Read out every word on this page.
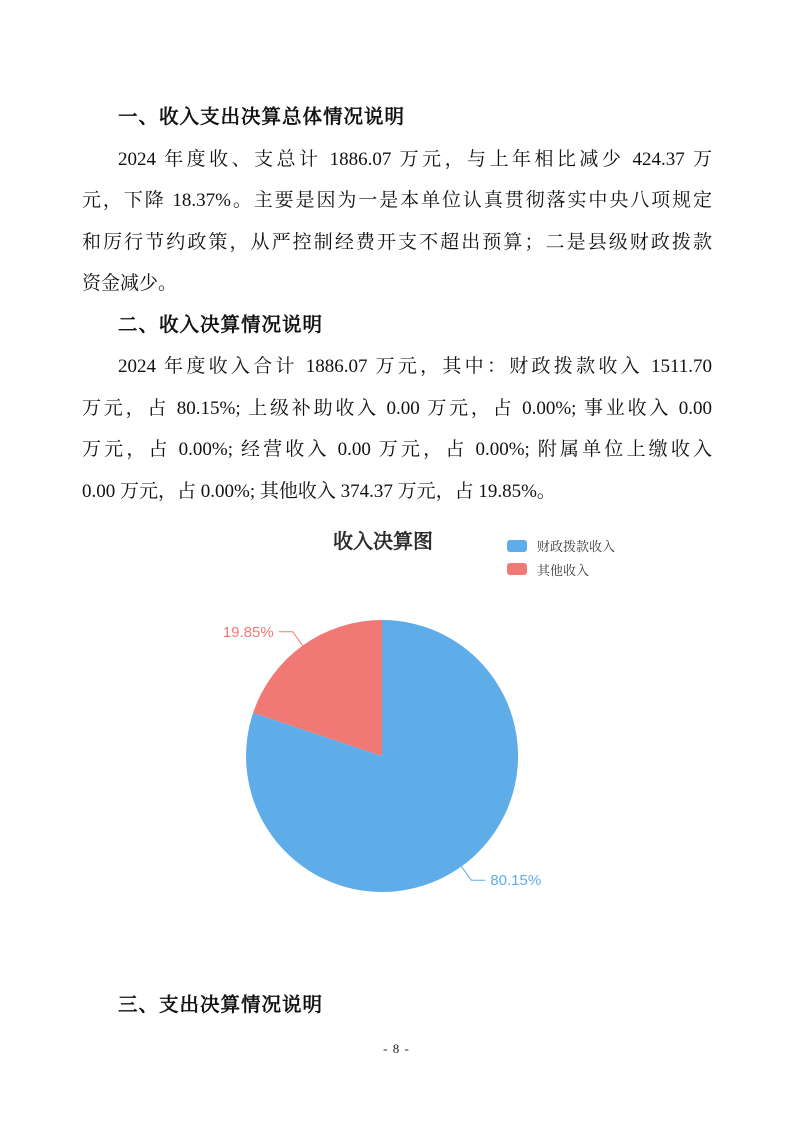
一、收入支出决算总体情况说明
2024 年度收、支总计 1886.07 万元，与上年相比减少 424.37 万
元，下降 18.37%。主要是因为一是本单位认真贯彻落实中央八项规定
和厉行节约政策，从严控制经费开支不超出预算；二是县级财政拨款
资金减少。
二、收入决算情况说明
2024 年度收入合计 1886.07 万元，其中：财政拨款收入 1511.70
万元，占 80.15%; 上级补助收入 0.00 万元，占 0.00%; 事业收入 0.00
万元，占 0.00%; 经营收入 0.00 万元，占 0.00%; 附属单位上缴收入
0.00 万元，占 0.00%; 其他收入 374.37 万元，占 19.85%。
收入决算图	财政拨款收入
其他收入
80.15%
19.85%
三、支出决算情况说明
- 8 -
